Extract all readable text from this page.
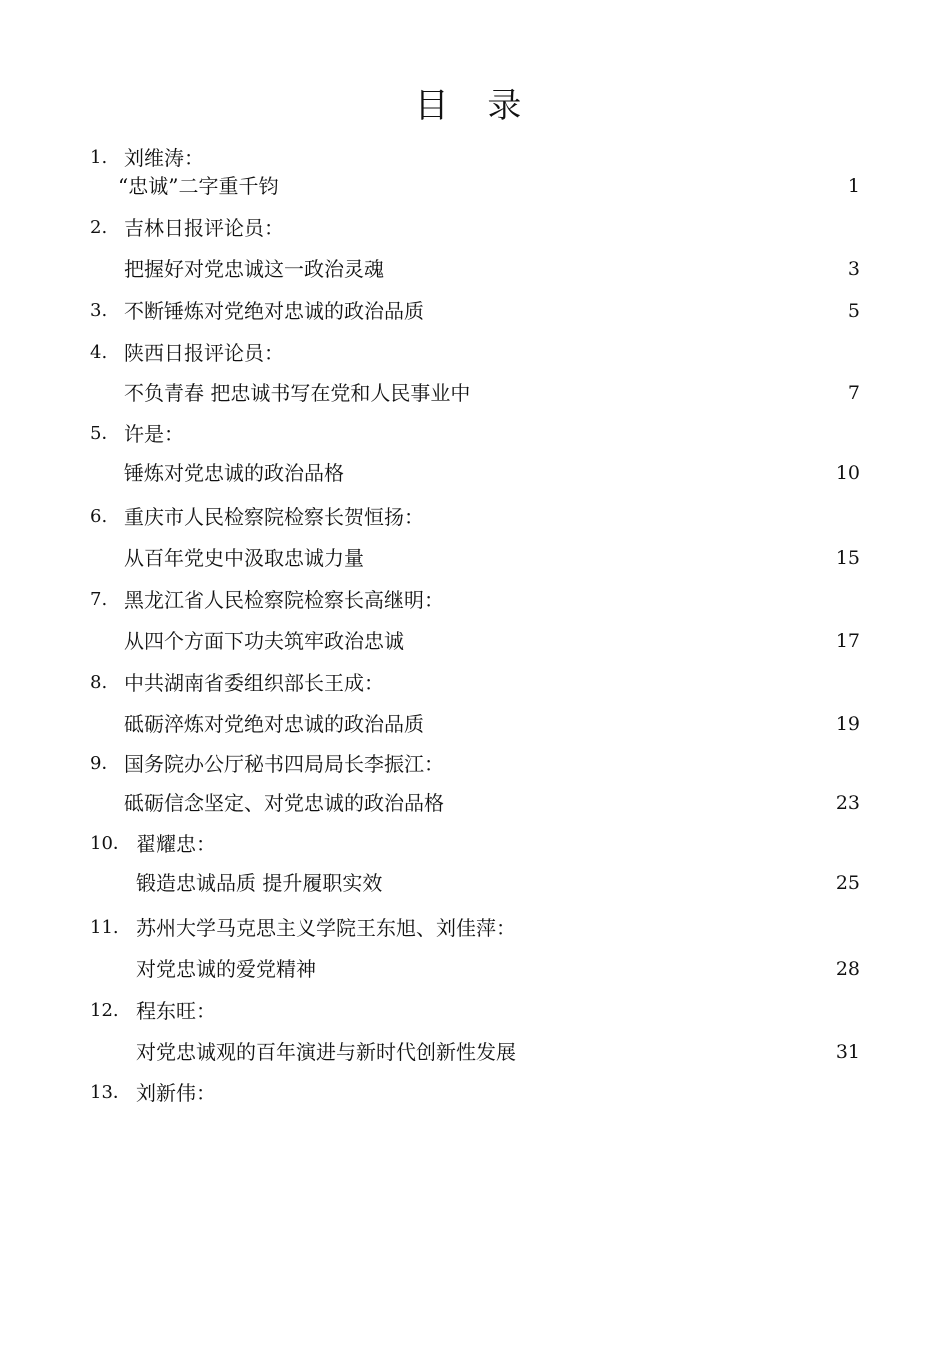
目 录
1. 刘维涛：
“忠诚”二字重千钧	1
2. 吉林日报评论员：
把握好对党忠诚这一政治灵魂	3
3. 不断锤炼对党绝对忠诚的政治品质	5
4. 陕西日报评论员：
不负青春 把忠诚书写在党和人民事业中	7
5． 许是：
锤炼对党忠诚的政治品格	10
6. 重庆市人民检察院检察长贺恒扬：
从百年党史中汲取忠诚力量	15
7. 黑龙江省人民检察院检察长高继明：
从四个方面下功夫筑牢政治忠诚	17
8. 中共湖南省委组织部长王成：
砥砺淬炼对党绝对忠诚的政治品质	19
9． 国务院办公厅秘书四局局长李振江：
砥砺信念坚定、对党忠诚的政治品格	23
10． 翟耀忠：
锻造忠诚品质 提升履职实效	25
11. 苏州大学马克思主义学院王东旭、刘佳萍：
对党忠诚的爱党精神	28
12. 程东旺：
对党忠诚观的百年演进与新时代创新性发展	31
13． 刘新伟：
